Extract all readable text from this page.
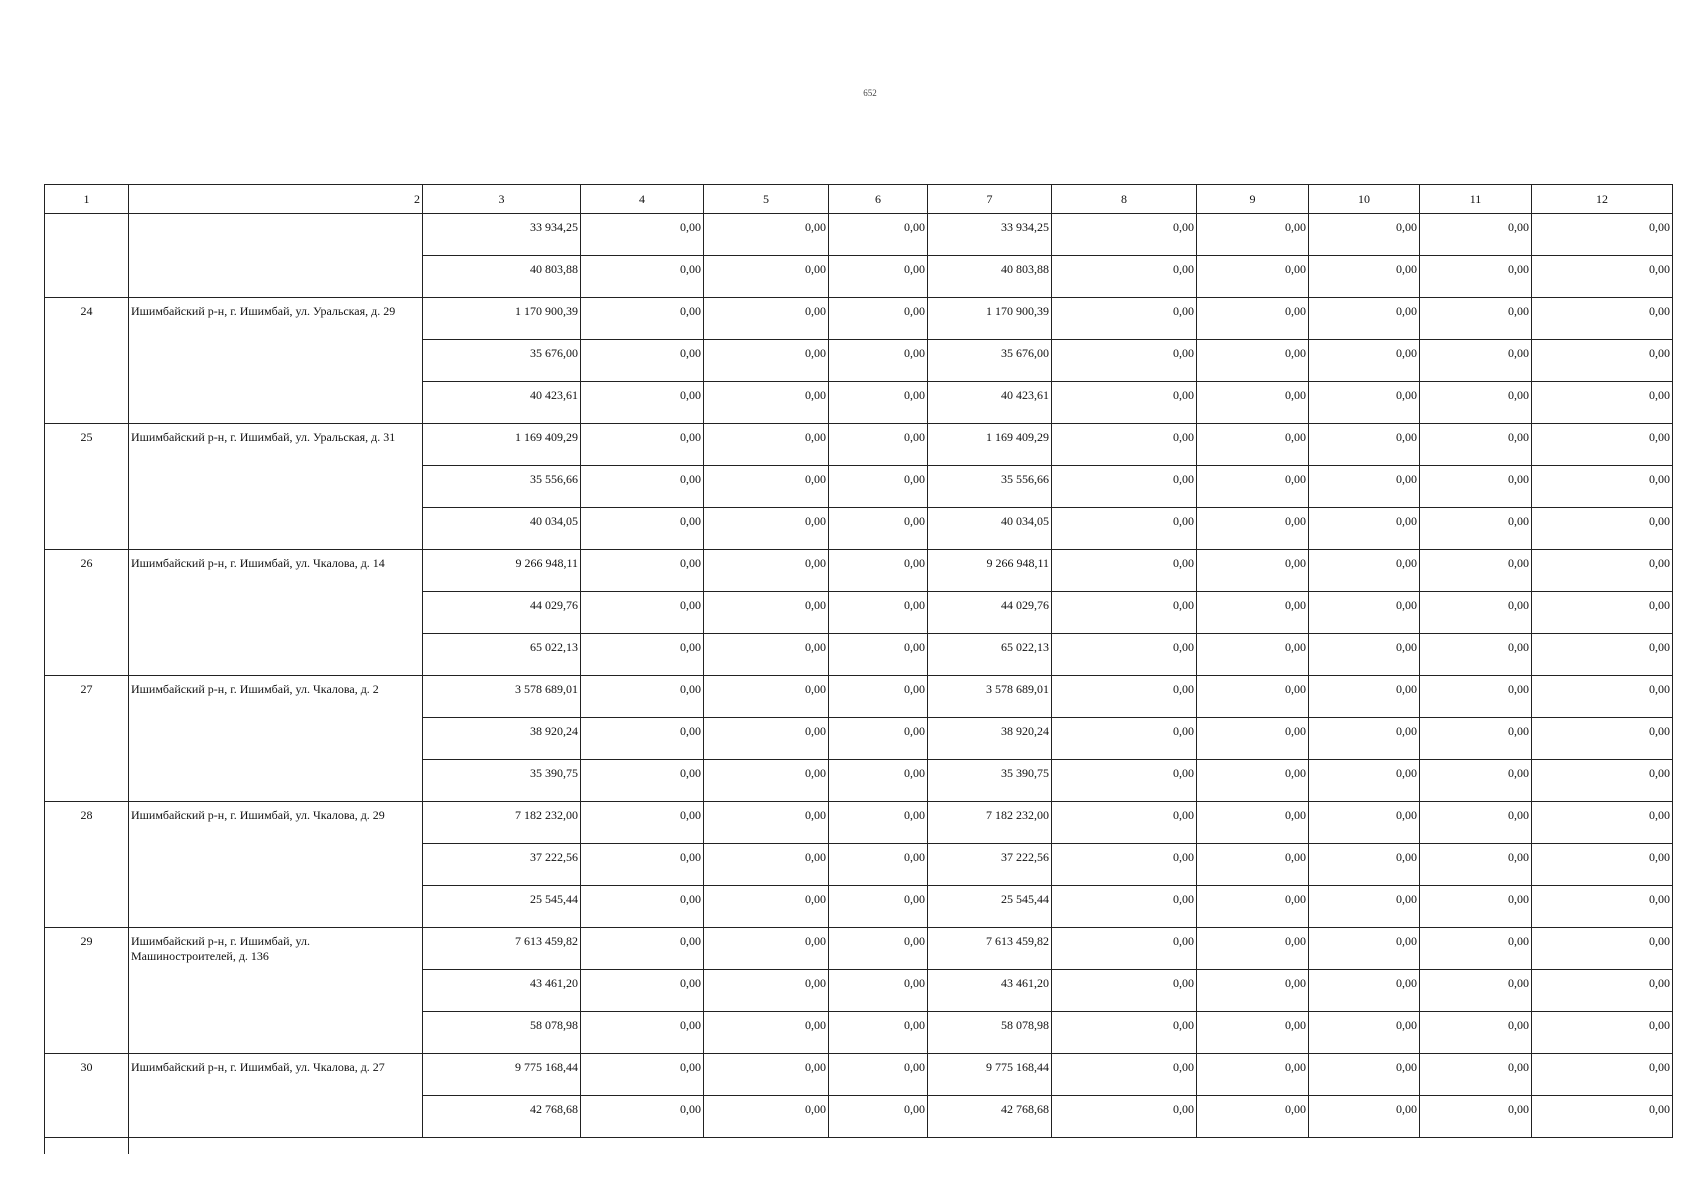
652
1	2	3	4	5	6	7	8	9	10	11	12
		33 934,25	0,00	0,00	0,00	33 934,25	0,00	0,00	0,00	0,00	0,00
		40 803,88	0,00	0,00	0,00	40 803,88	0,00	0,00	0,00	0,00	0,00
24	Ишимбайский р-н, г. Ишимбай, ул. Уральская, д. 29	1 170 900,39	0,00	0,00	0,00	1 170 900,39	0,00	0,00	0,00	0,00	0,00
		35 676,00	0,00	0,00	0,00	35 676,00	0,00	0,00	0,00	0,00	0,00
		40 423,61	0,00	0,00	0,00	40 423,61	0,00	0,00	0,00	0,00	0,00
25	Ишимбайский р-н, г. Ишимбай, ул. Уральская, д. 31	1 169 409,29	0,00	0,00	0,00	1 169 409,29	0,00	0,00	0,00	0,00	0,00
		35 556,66	0,00	0,00	0,00	35 556,66	0,00	0,00	0,00	0,00	0,00
		40 034,05	0,00	0,00	0,00	40 034,05	0,00	0,00	0,00	0,00	0,00
26	Ишимбайский р-н, г. Ишимбай, ул. Чкалова, д. 14	9 266 948,11	0,00	0,00	0,00	9 266 948,11	0,00	0,00	0,00	0,00	0,00
		44 029,76	0,00	0,00	0,00	44 029,76	0,00	0,00	0,00	0,00	0,00
		65 022,13	0,00	0,00	0,00	65 022,13	0,00	0,00	0,00	0,00	0,00
27	Ишимбайский р-н, г. Ишимбай, ул. Чкалова, д. 2	3 578 689,01	0,00	0,00	0,00	3 578 689,01	0,00	0,00	0,00	0,00	0,00
		38 920,24	0,00	0,00	0,00	38 920,24	0,00	0,00	0,00	0,00	0,00
		35 390,75	0,00	0,00	0,00	35 390,75	0,00	0,00	0,00	0,00	0,00
28	Ишимбайский р-н, г. Ишимбай, ул. Чкалова, д. 29	7 182 232,00	0,00	0,00	0,00	7 182 232,00	0,00	0,00	0,00	0,00	0,00
		37 222,56	0,00	0,00	0,00	37 222,56	0,00	0,00	0,00	0,00	0,00
		25 545,44	0,00	0,00	0,00	25 545,44	0,00	0,00	0,00	0,00	0,00
29	Ишимбайский р-н, г. Ишимбай, ул. Машиностроителей, д. 136	7 613 459,82	0,00	0,00	0,00	7 613 459,82	0,00	0,00	0,00	0,00	0,00
		43 461,20	0,00	0,00	0,00	43 461,20	0,00	0,00	0,00	0,00	0,00
		58 078,98	0,00	0,00	0,00	58 078,98	0,00	0,00	0,00	0,00	0,00
30	Ишимбайский р-н, г. Ишимбай, ул. Чкалова, д. 27	9 775 168,44	0,00	0,00	0,00	9 775 168,44	0,00	0,00	0,00	0,00	0,00
		42 768,68	0,00	0,00	0,00	42 768,68	0,00	0,00	0,00	0,00	0,00
